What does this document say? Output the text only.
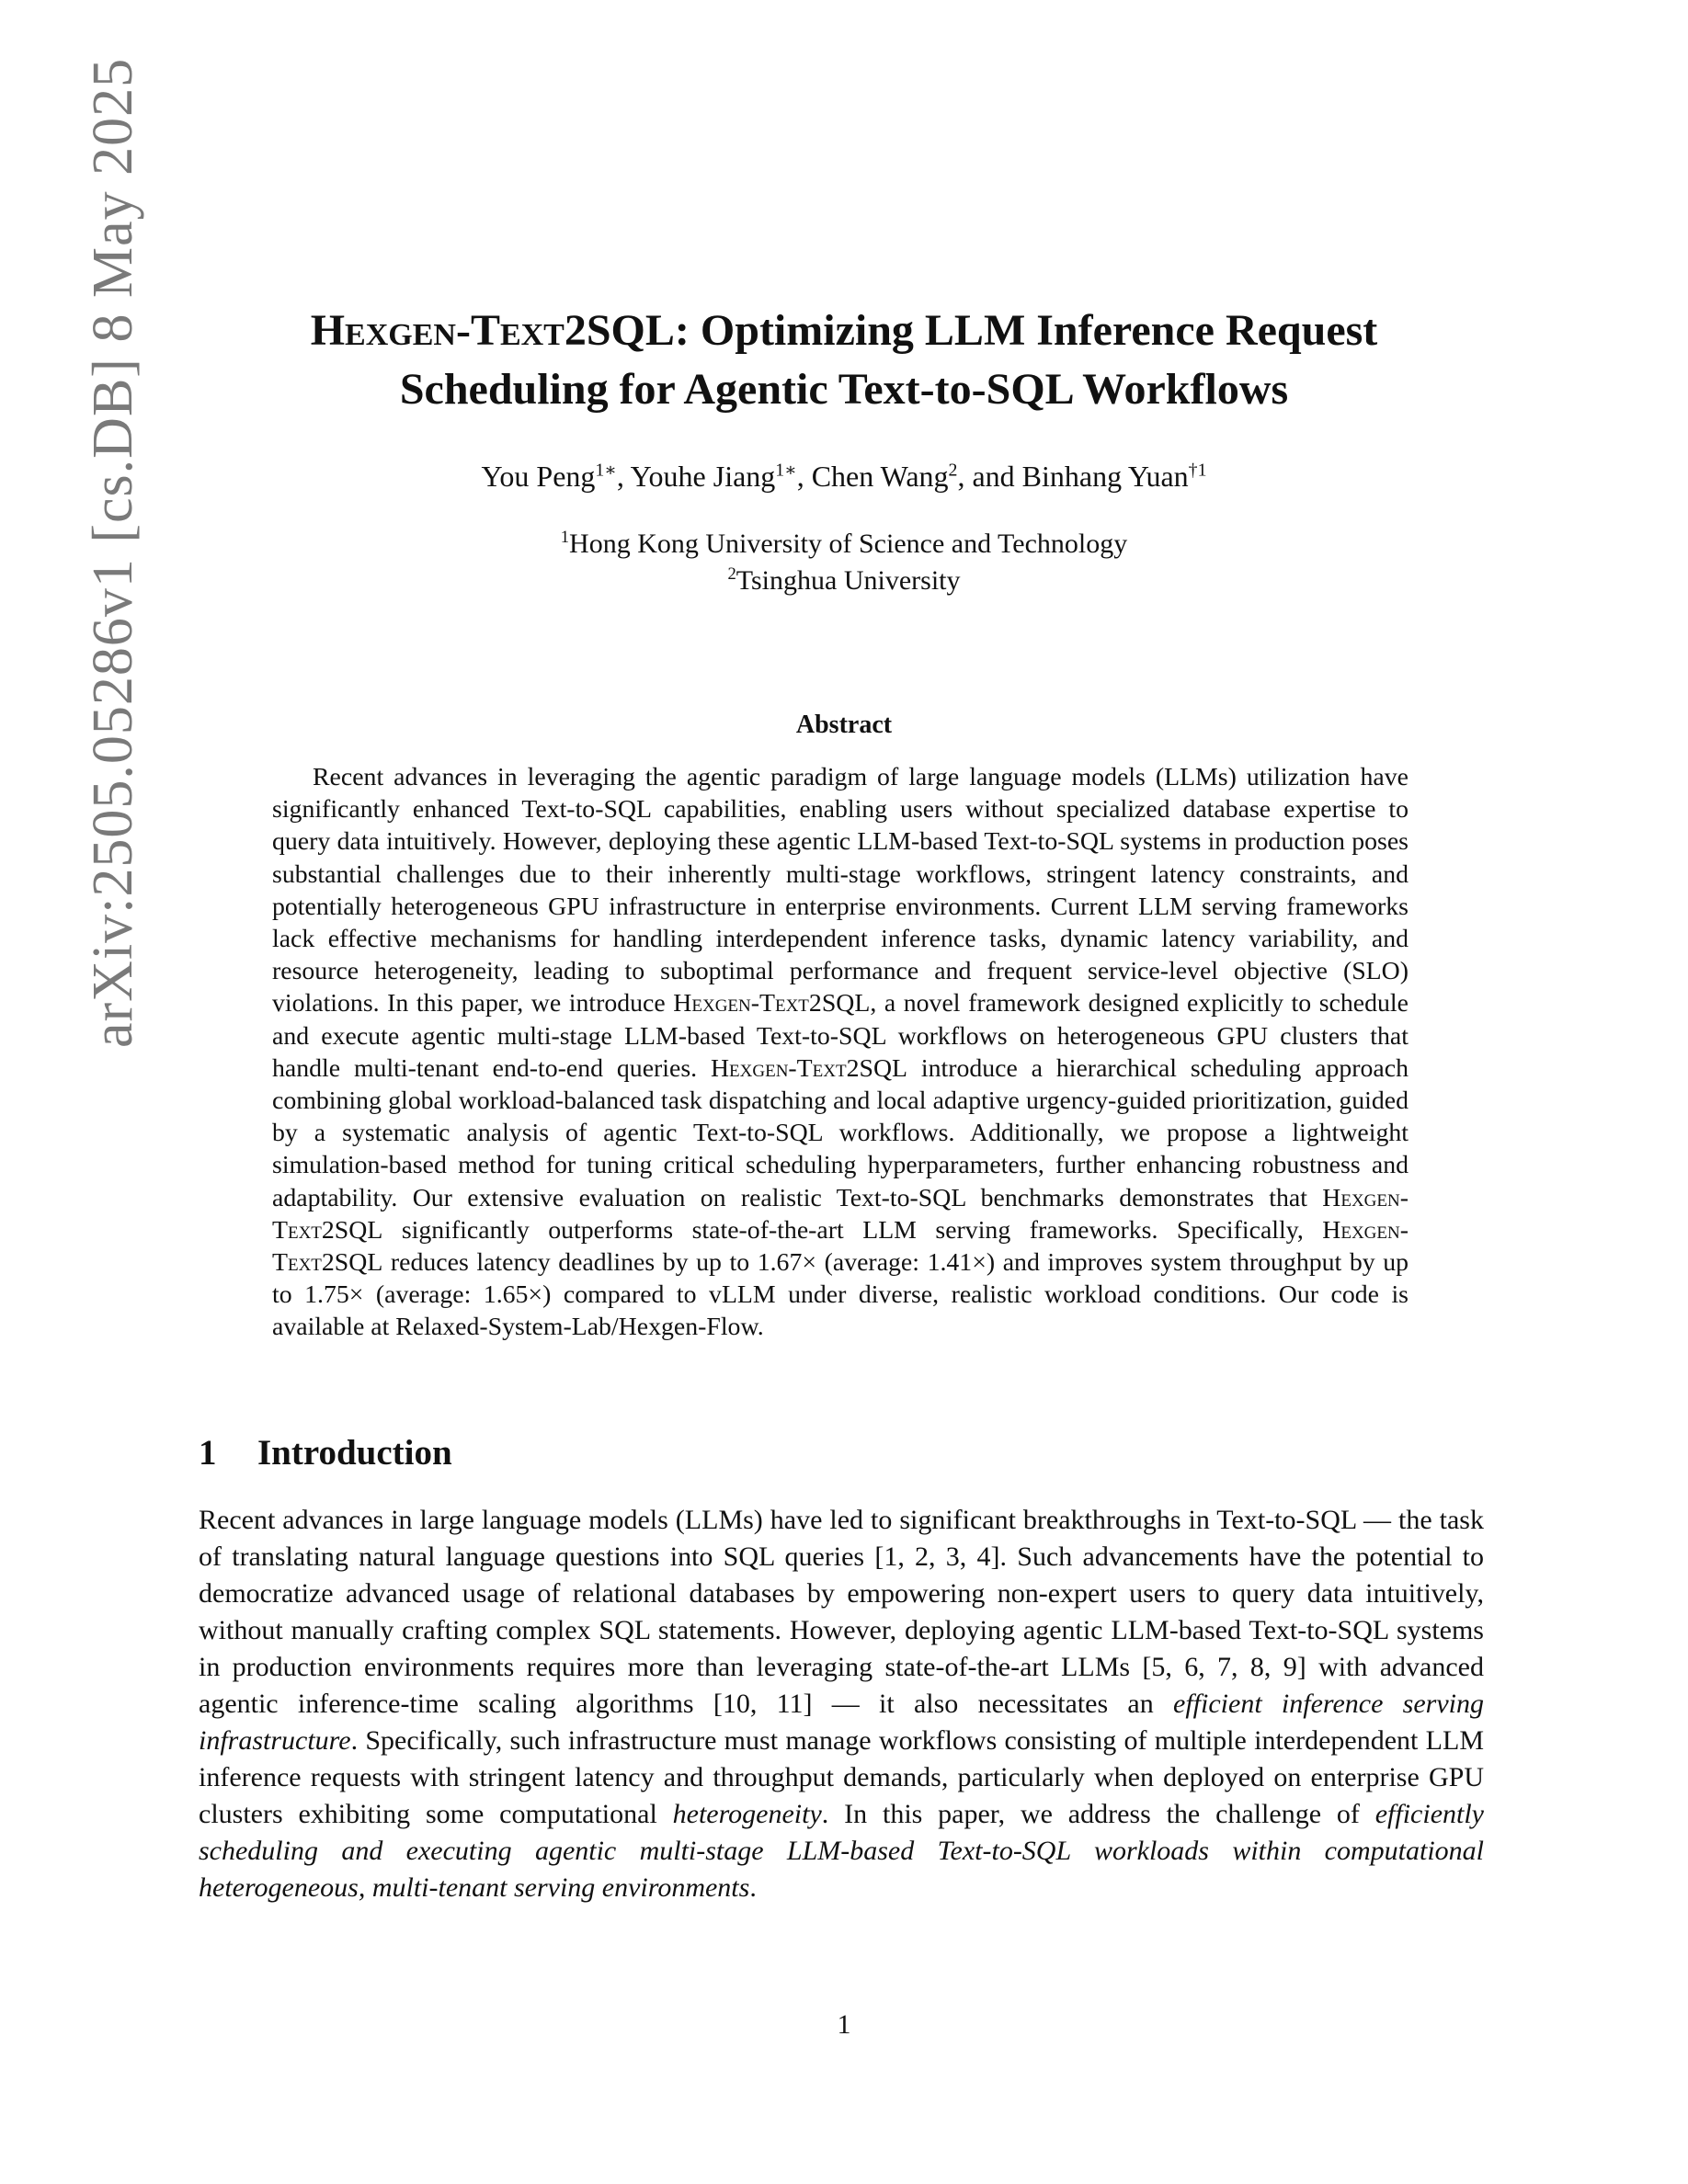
arXiv:2505.05286v1 [cs.DB] 8 May 2025	Hexgen-Text2SQL: Optimizing LLM Inference Request
Scheduling for Agentic Text-to-SQL Workflows
You Peng$^{1∗}$, Youhe Jiang$^{1∗}$, Chen Wang$^2$, and Binhang Yuan$^{\dagger 1}$
$^1$Hong Kong University of Science and Technology
$^2$Tsinghua University
Abstract
Recent advances in leveraging the agentic paradigm of large language models (LLMs) utilization have significantly enhanced Text-to-SQL capabilities, enabling users without specialized database expertise to query data intuitively. However, deploying these agentic LLM-based Text-to-SQL systems in production poses substantial challenges due to their inherently multi-stage workflows, stringent latency constraints, and potentially heterogeneous GPU infrastructure in enterprise environments. Current LLM serving frameworks lack effective mechanisms for handling interdependent inference tasks, dynamic latency variability, and resource heterogeneity, leading to suboptimal performance and frequent service-level objective (SLO) violations. In this paper, we introduce Hexgen-Text2SQL, a novel framework designed explicitly to schedule and execute agentic multi-stage LLM-based Text-to-SQL workflows on heterogeneous GPU clusters that handle multi-tenant end-to-end queries. Hexgen-Text2SQL introduce a hierarchical scheduling approach combining global workload-balanced task dispatching and local adaptive urgency-guided prioritization, guided by a systematic analysis of agentic Text-to-SQL workflows. Additionally, we propose a lightweight simulation-based method for tuning critical scheduling hyperparameters, further enhancing robustness and adaptability. Our extensive evaluation on realistic Text-to-SQL benchmarks demonstrates that Hexgen-Text2SQL significantly outperforms state-of-the-art LLM serving frameworks. Specifically, Hexgen-Text2SQL reduces latency deadlines by up to 1.67× (average: 1.41×) and improves system throughput by up to 1.75× (average: 1.65×) compared to vLLM under diverse, realistic workload conditions. Our code is available at Relaxed-System-Lab/Hexgen-Flow.
1 Introduction
Recent advances in large language models (LLMs) have led to significant breakthroughs in Text-to-SQL — the task of translating natural language questions into SQL queries [1, 2, 3, 4]. Such advancements have the potential to democratize advanced usage of relational databases by empowering non-expert users to query data intuitively, without manually crafting complex SQL statements. However, deploying agentic LLM-based Text-to-SQL systems in production environments requires more than leveraging state-of-the-art LLMs [5, 6, 7, 8, 9] with advanced agentic inference-time scaling algorithms [10, 11] — it also necessitates an efficient inference serving infrastructure. Specifically, such infrastructure must manage workflows consisting of multiple interdependent LLM inference requests with stringent latency and throughput demands, particularly when deployed on enterprise GPU clusters exhibiting some computational heterogeneity. In this paper, we address the challenge of efficiently scheduling and executing agentic multi-stage LLM-based Text-to-SQL workloads within computational heterogeneous, multi-tenant serving environments.
1
